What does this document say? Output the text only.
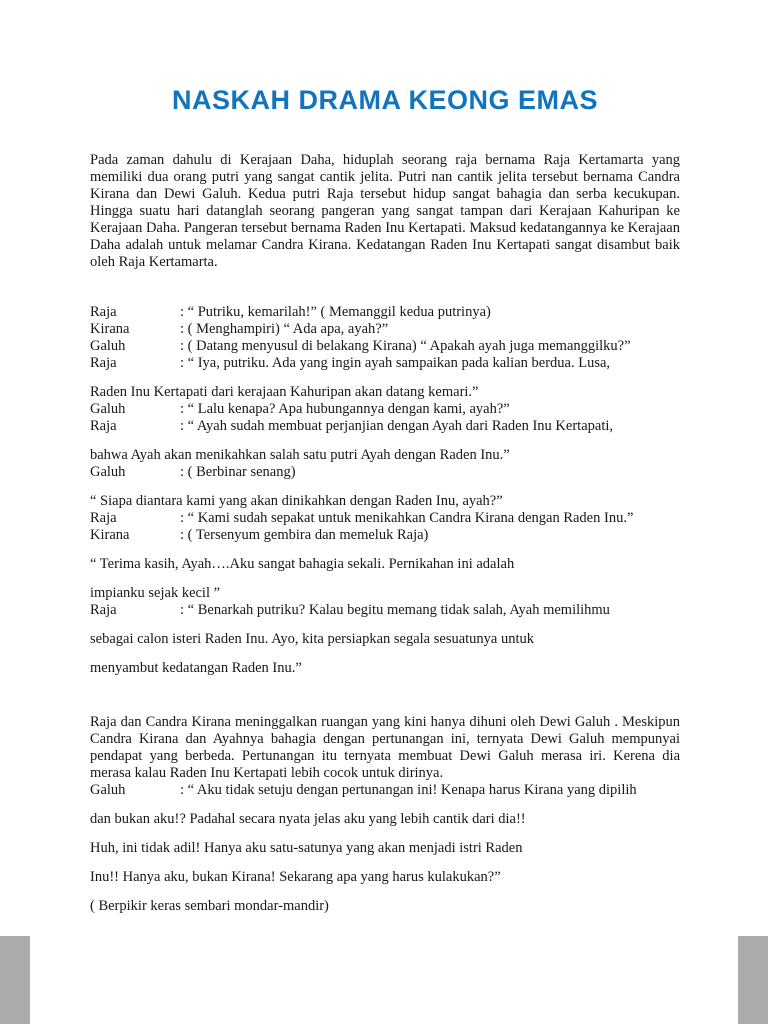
NASKAH DRAMA KEONG EMAS

Pada zaman dahulu di Kerajaan Daha, hiduplah seorang raja bernama Raja Kertamarta yang memiliki dua orang putri yang sangat cantik jelita. Putri nan cantik jelita tersebut bernama Candra Kirana dan Dewi Galuh. Kedua putri Raja tersebut hidup sangat bahagia dan serba kecukupan. Hingga suatu hari datanglah seorang pangeran yang sangat tampan dari Kerajaan Kahuripan ke Kerajaan Daha. Pangeran tersebut bernama Raden Inu Kertapati. Maksud kedatangannya ke Kerajaan Daha adalah untuk melamar Candra Kirana. Kedatangan Raden Inu Kertapati sangat disambut baik oleh Raja Kertamarta.

Raja	: “ Putriku, kemarilah!” ( Memanggil kedua putrinya)
Kirana	: ( Menghampiri) “ Ada apa, ayah?”
Galuh	: ( Datang menyusul di belakang Kirana) “ Apakah ayah juga memanggilku?”
Raja	: “ Iya, putriku. Ada yang ingin ayah sampaikan pada kalian berdua. Lusa,
Raden Inu Kertapati dari kerajaan Kahuripan akan datang kemari.”
Galuh	: “ Lalu kenapa? Apa hubungannya dengan kami, ayah?”
Raja	: “ Ayah sudah membuat perjanjian dengan Ayah dari Raden Inu Kertapati,
bahwa Ayah akan menikahkan salah satu putri Ayah dengan Raden Inu.”
Galuh	: ( Berbinar senang)
“ Siapa diantara kami yang akan dinikahkan dengan Raden Inu, ayah?”
Raja	: “ Kami sudah sepakat untuk menikahkan Candra Kirana dengan Raden Inu.”
Kirana	: ( Tersenyum gembira dan memeluk Raja)
“ Terima kasih, Ayah….Aku sangat bahagia sekali. Pernikahan ini adalah
impianku sejak kecil ”
Raja	: “ Benarkah putriku? Kalau begitu memang tidak salah, Ayah memilihmu
sebagai calon isteri Raden Inu. Ayo, kita persiapkan segala sesuatunya untuk
menyambut kedatangan Raden Inu.”

Raja dan Candra Kirana meninggalkan ruangan yang kini hanya dihuni oleh Dewi Galuh . Meskipun Candra Kirana dan Ayahnya bahagia dengan pertunangan ini, ternyata Dewi Galuh mempunyai pendapat yang berbeda. Pertunangan itu ternyata membuat Dewi Galuh merasa iri. Kerena dia merasa kalau Raden Inu Kertapati lebih cocok untuk dirinya.

Galuh	: “ Aku tidak setuju dengan pertunangan ini! Kenapa harus Kirana yang dipilih
dan bukan aku!? Padahal secara nyata jelas aku yang lebih cantik dari dia!!
Huh, ini tidak adil! Hanya aku satu-satunya yang akan menjadi istri Raden
Inu!! Hanya aku, bukan Kirana! Sekarang apa yang harus kulakukan?”
( Berpikir keras sembari mondar-mandir)
